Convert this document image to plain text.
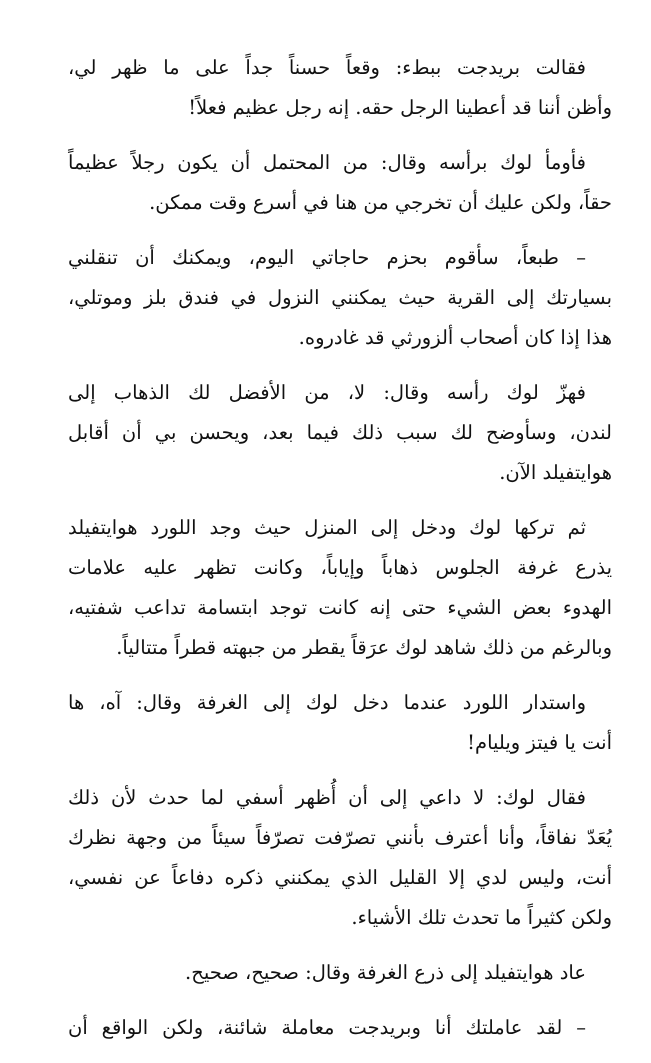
فقالت بريدجت ببطء: وقعاً حسناً جداً على ما ظهر لي،
وأظن أننا قد أعطينا الرجل حقه. إنه رجل عظيم فعلاً!

فأومأ لوك برأسه وقال: من المحتمل أن يكون رجلاً عظيماً
حقاً، ولكن عليك أن تخرجي من هنا في أسرع وقت ممكن.

– طبعاً، سأقوم بحزم حاجاتي اليوم، ويمكنك أن تنقلني
بسيارتك إلى القرية حيث يمكنني النزول في فندق بلز وموتلي،
هذا إذا كان أصحاب ألزورثي قد غادروه.

فهزّ لوك رأسه وقال: لا، من الأفضل لك الذهاب إلى
لندن، وسأوضح لك سبب ذلك فيما بعد، ويحسن بي أن أقابل
هوايتفيلد الآن.

ثم تركها لوك ودخل إلى المنزل حيث وجد اللورد هوايتفيلد
يذرع غرفة الجلوس ذهاباً وإياباً، وكانت تظهر عليه علامات
الهدوء بعض الشيء حتى إنه كانت توجد ابتسامة تداعب شفتيه،
وبالرغم من ذلك شاهد لوك عرَقاً يقطر من جبهته قطراً متتالياً.

واستدار اللورد عندما دخل لوك إلى الغرفة وقال: آه، ها
أنت يا فيتز ويليام!

فقال لوك: لا داعي إلى أن أُظهر أسفي لما حدث لأن ذلك
يُعَدّ نفاقاً، وأنا أعترف بأنني تصرّفت تصرّفاً سيئاً من وجهة نظرك
أنت، وليس لدي إلا القليل الذي يمكنني ذكره دفاعاً عن نفسي،
ولكن كثيراً ما تحدث تلك الأشياء.

عاد هوايتفيلد إلى ذرع الغرفة وقال: صحيح، صحيح.

– لقد عاملتك أنا وبريدجت معاملة شائنة، ولكن الواقع أن
